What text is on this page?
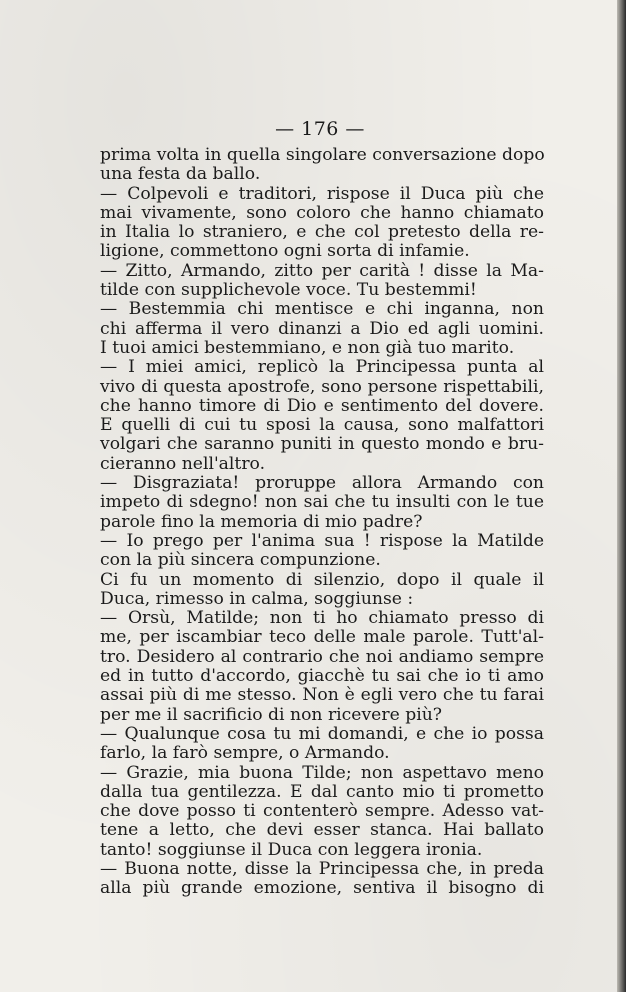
— 176 —
prima volta in quella singolare conversazione dopo
una festa da ballo.
— Colpevoli e traditori, rispose il Duca più che
mai vivamente, sono coloro che hanno chiamato
in Italia lo straniero, e che col pretesto della re-
ligione, commettono ogni sorta di infamie.
— Zitto, Armando, zitto per carità ! disse la Ma-
tilde con supplichevole voce. Tu bestemmi!
— Bestemmia chi mentisce e chi inganna, non
chi afferma il vero dinanzi a Dio ed agli uomini.
I tuoi amici bestemmiano, e non già tuo marito.
— I miei amici, replicò la Principessa punta al
vivo di questa apostrofe, sono persone rispettabili,
che hanno timore di Dio e sentimento del dovere.
E quelli di cui tu sposi la causa, sono malfattori
volgari che saranno puniti in questo mondo e bru-
cieranno nell'altro.
— Disgraziata! proruppe allora Armando con
impeto di sdegno! non sai che tu insulti con le tue
parole fino la memoria di mio padre?
— Io prego per l'anima sua ! rispose la Matilde
con la più sincera compunzione.
Ci fu un momento di silenzio, dopo il quale il
Duca, rimesso in calma, soggiunse :
— Orsù, Matilde; non ti ho chiamato presso di
me, per iscambiar teco delle male parole. Tutt'al-
tro. Desidero al contrario che noi andiamo sempre
ed in tutto d'accordo, giacchè tu sai che io ti amo
assai più di me stesso. Non è egli vero che tu farai
per me il sacrificio di non ricevere più?
— Qualunque cosa tu mi domandi, e che io possa
farlo, la farò sempre, o Armando.
— Grazie, mia buona Tilde; non aspettavo meno
dalla tua gentilezza. E dal canto mio ti prometto
che dove posso ti contenterò sempre. Adesso vat-
tene a letto, che devi esser stanca. Hai ballato
tanto! soggiunse il Duca con leggera ironia.
— Buona notte, disse la Principessa che, in preda
alla più grande emozione, sentiva il bisogno di
